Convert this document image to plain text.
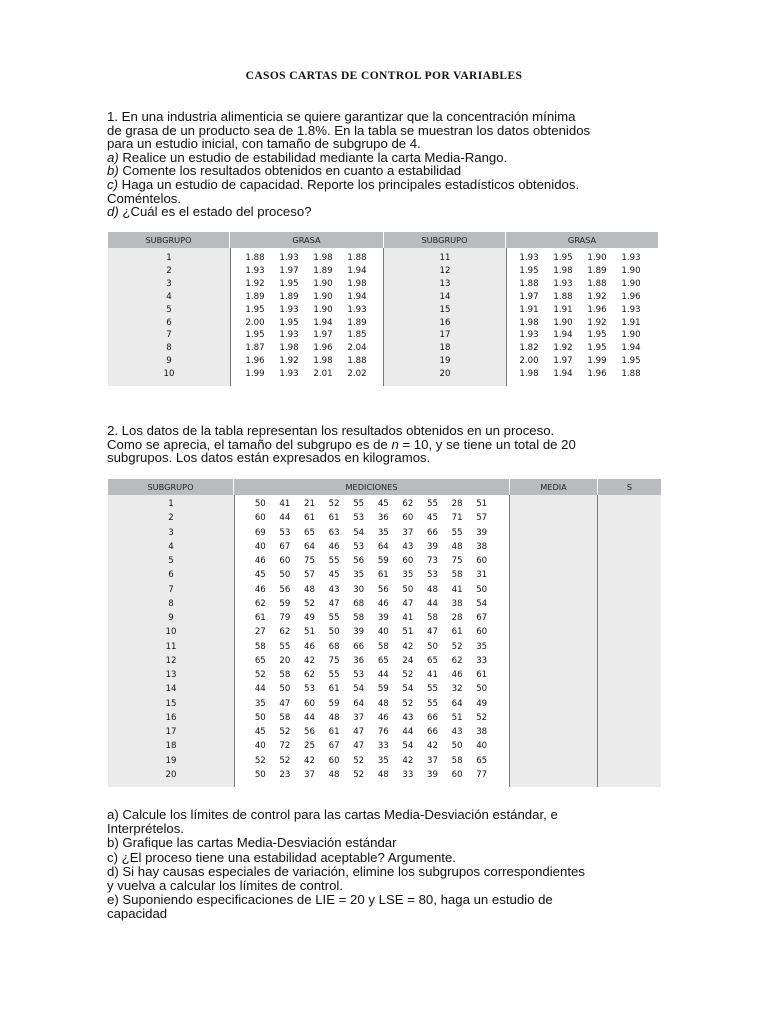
CASOS CARTAS DE CONTROL POR VARIABLES
1. En una industria alimenticia se quiere garantizar que la concentración mínima
de grasa de un producto sea de 1.8%. En la tabla se muestran los datos obtenidos
para un estudio inicial, con tamaño de subgrupo de 4.
a) Realice un estudio de estabilidad mediante la carta Media-Rango.
b) Comente los resultados obtenidos en cuanto a estabilidad
c) Haga un estudio de capacidad. Reporte los principales estadísticos obtenidos.
Coméntelos.
d) ¿Cuál es el estado del proceso?
SUBGRUPO	GRASA	SUBGRUPO	GRASA
1	1.88	1.93	1.98	1.88
2	1.93	1.97	1.89	1.94
3	1.92	1.95	1.90	1.98
4	1.89	1.89	1.90	1.94
5	1.95	1.93	1.90	1.93
6	2.00	1.95	1.94	1.89
7	1.95	1.93	1.97	1.85
8	1.87	1.98	1.96	2.04
9	1.96	1.92	1.98	1.88
10	1.99	1.93	2.01	2.02
11	1.93	1.95	1.90	1.93
12	1.95	1.98	1.89	1.90
13	1.88	1.93	1.88	1.90
14	1.97	1.88	1.92	1.96
15	1.91	1.91	1.96	1.93
16	1.98	1.90	1.92	1.91
17	1.93	1.94	1.95	1.90
18	1.82	1.92	1.95	1.94
19	2.00	1.97	1.99	1.95
20	1.98	1.94	1.96	1.88
2. Los datos de la tabla representan los resultados obtenidos en un proceso.
Como se aprecia, el tamaño del subgrupo es de n = 10, y se tiene un total de 20
subgrupos. Los datos están expresados en kilogramos.
SUBGRUPO	MEDICIONES	MEDIA	S
1	50	41	21	52	55	45	62	55	28	51
2	60	44	61	61	53	36	60	45	71	57
3	69	53	65	63	54	35	37	66	55	39
4	40	67	64	46	53	64	43	39	48	38
5	46	60	75	55	56	59	60	73	75	60
6	45	50	57	45	35	61	35	53	58	31
7	46	56	48	43	30	56	50	48	41	50
8	62	59	52	47	68	46	47	44	38	54
9	61	79	49	55	58	39	41	58	28	67
10	27	62	51	50	39	40	51	47	61	60
11	58	55	46	68	66	58	42	50	52	35
12	65	20	42	75	36	65	24	65	62	33
13	52	58	62	55	53	44	52	41	46	61
14	44	50	53	61	54	59	54	55	32	50
15	35	47	60	59	64	48	52	55	64	49
16	50	58	44	48	37	46	43	66	51	52
17	45	52	56	61	47	76	44	66	43	38
18	40	72	25	67	47	33	54	42	50	40
19	52	52	42	60	52	35	42	37	58	65
20	50	23	37	48	52	48	33	39	60	77
a) Calcule los límites de control para las cartas Media-Desviación estándar, e
Interprételos.
b) Grafique las cartas Media-Desviación estándar
c) ¿El proceso tiene una estabilidad aceptable? Argumente.
d) Si hay causas especiales de variación, elimine los subgrupos correspondientes
y vuelva a calcular los límites de control.
e) Suponiendo especificaciones de LIE = 20 y LSE = 80, haga un estudio de
capacidad
